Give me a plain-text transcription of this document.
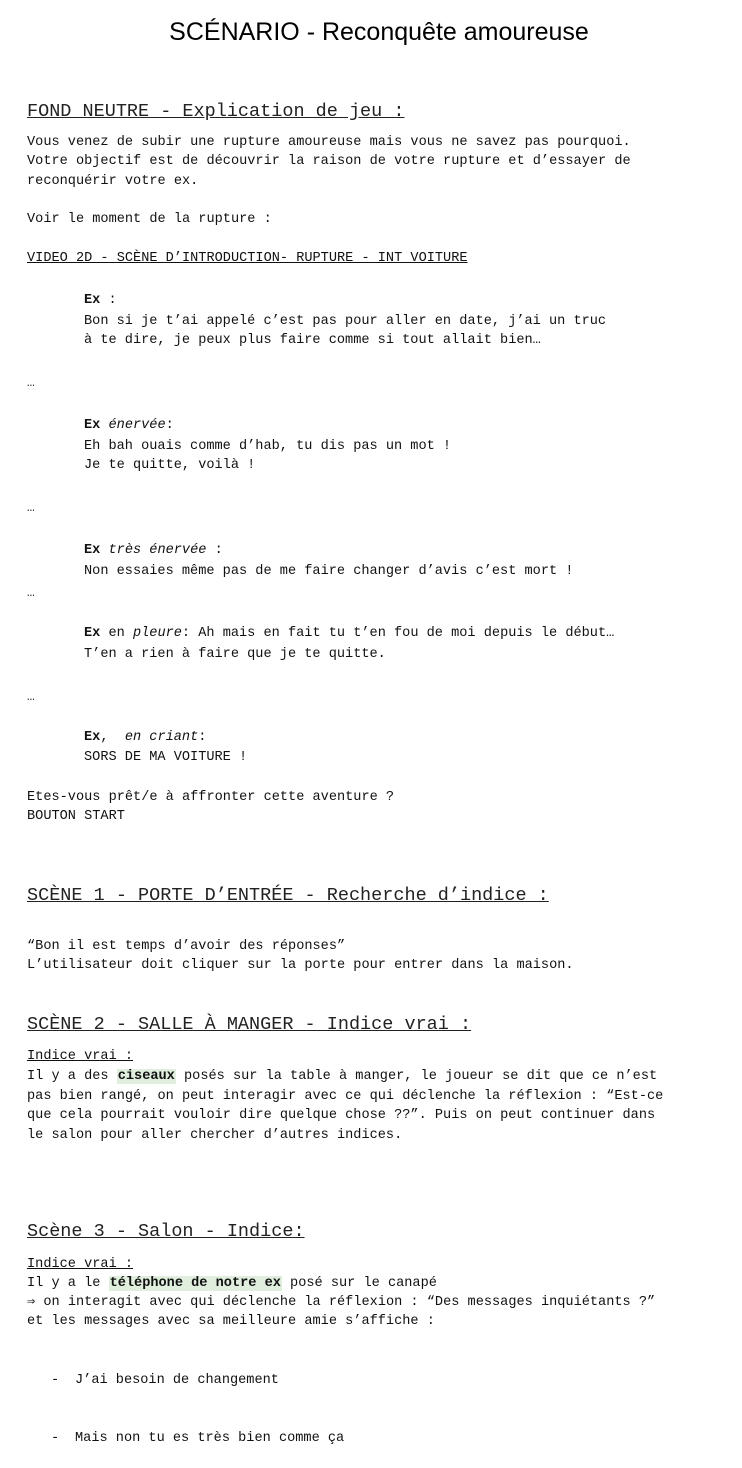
SCÉNARIO - Reconquête amoureuse
FOND NEUTRE - Explication de jeu :
Vous venez de subir une rupture amoureuse mais vous ne savez pas pourquoi.
Votre objectif est de découvrir la raison de votre rupture et d’essayer de
reconquérir votre ex.
Voir le moment de la rupture :
VIDEO 2D - SCÈNE D’INTRODUCTION- RUPTURE - INT VOITURE
Ex :
Bon si je t’ai appelé c’est pas pour aller en date, j’ai un truc
à te dire, je peux plus faire comme si tout allait bien…
…
Ex énervée:
Eh bah ouais comme d’hab, tu dis pas un mot !
Je te quitte, voilà !
…
Ex très énervée :
Non essaies même pas de me faire changer d’avis c’est mort !
…
Ex en pleure: Ah mais en fait tu t’en fou de moi depuis le début…
T’en a rien à faire que je te quitte.
…
Ex,  en criant:
SORS DE MA VOITURE !
Etes-vous prêt/e à affronter cette aventure ?
BOUTON START
SCÈNE 1 - PORTE D’ENTRÉE - Recherche d’indice :
“Bon il est temps d’avoir des réponses”
L’utilisateur doit cliquer sur la porte pour entrer dans la maison.
SCÈNE 2 - SALLE À MANGER - Indice vrai :
Indice vrai :
Il y a des ciseaux posés sur la table à manger, le joueur se dit que ce n’est
pas bien rangé, on peut interagir avec ce qui déclenche la réflexion : “Est-ce
que cela pourrait vouloir dire quelque chose ??”. Puis on peut continuer dans
le salon pour aller chercher d’autres indices.
Scène 3 - Salon - Indice:
Indice vrai :
Il y a le téléphone de notre ex posé sur le canapé
⇒ on interagit avec qui déclenche la réflexion : “Des messages inquiétants ?”
et les messages avec sa meilleure amie s’affiche :

- J’ai besoin de changement

- Mais non tu es très bien comme ça
